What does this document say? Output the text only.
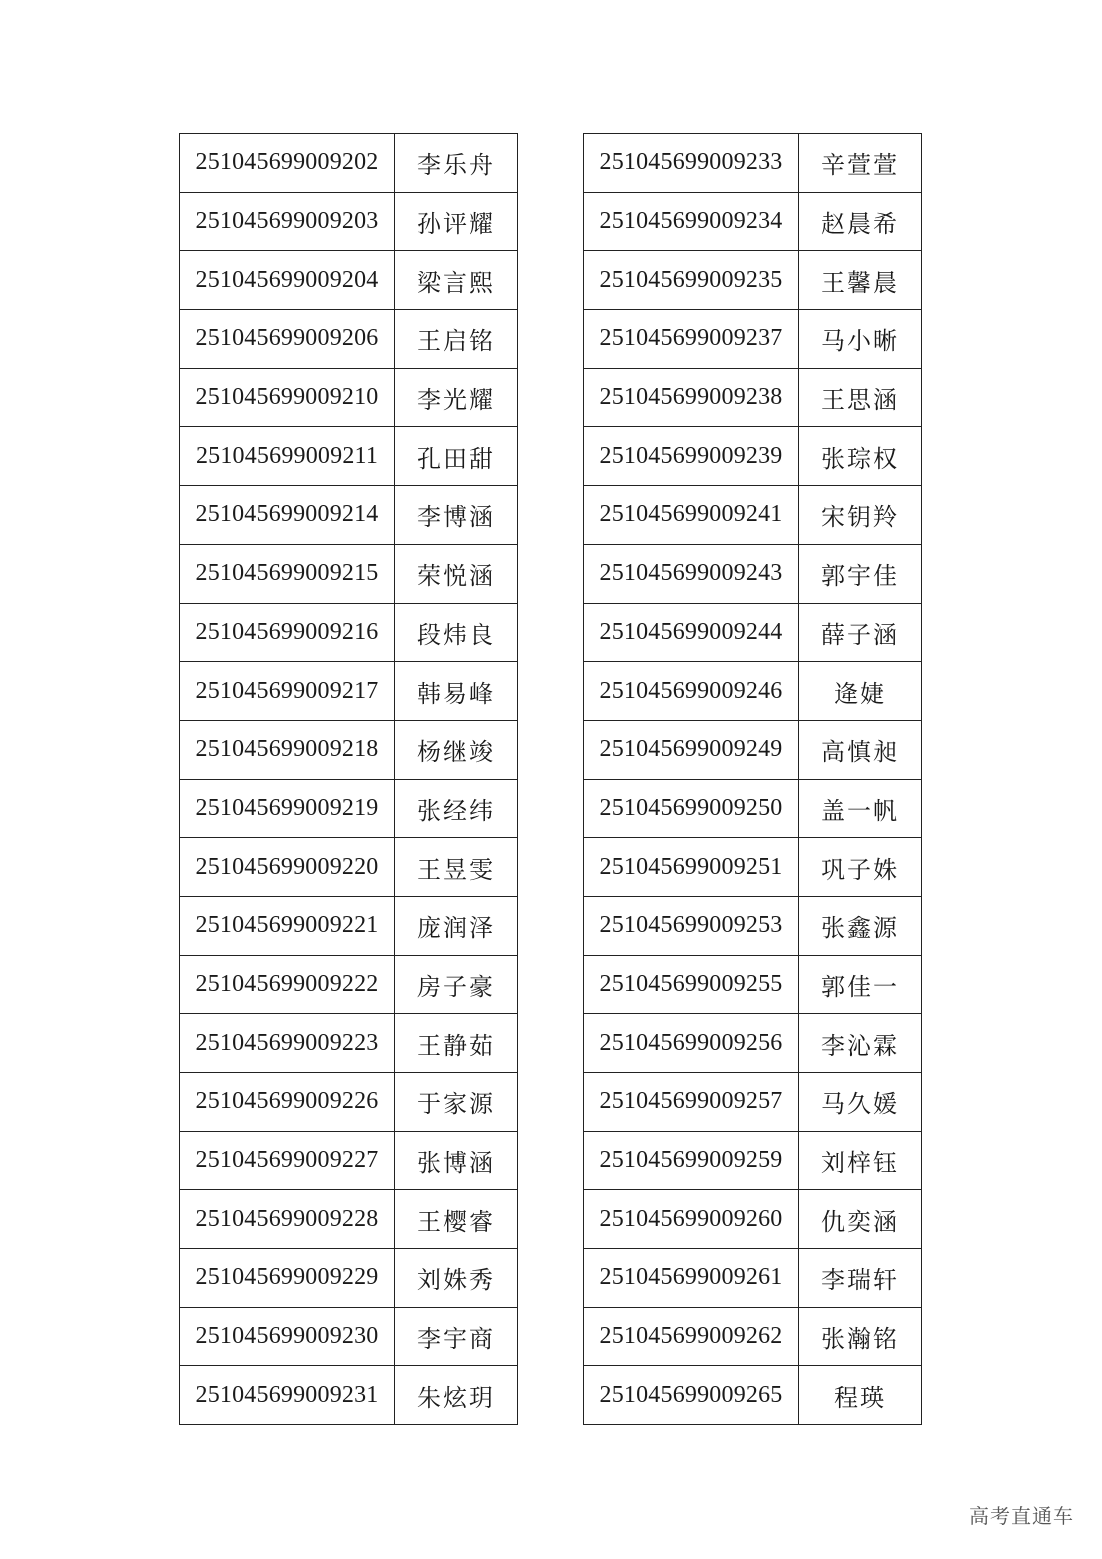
251045699009202	李乐舟
251045699009203	孙评耀
251045699009204	梁言熙
251045699009206	王启铭
251045699009210	李光耀
251045699009211	孔田甜
251045699009214	李博涵
251045699009215	荣悦涵
251045699009216	段炜良
251045699009217	韩易峰
251045699009218	杨继竣
251045699009219	张经纬
251045699009220	王昱雯
251045699009221	庞润泽
251045699009222	房子豪
251045699009223	王静茹
251045699009226	于家源
251045699009227	张博涵
251045699009228	王樱睿
251045699009229	刘姝秀
251045699009230	李宇商
251045699009231	朱炫玥
251045699009233	辛萱萱
251045699009234	赵晨希
251045699009235	王馨晨
251045699009237	马小晰
251045699009238	王思涵
251045699009239	张琮权
251045699009241	宋钥羚
251045699009243	郭宇佳
251045699009244	薛子涵
251045699009246	逄婕
251045699009249	高慎昶
251045699009250	盖一帆
251045699009251	巩子姝
251045699009253	张鑫源
251045699009255	郭佳一
251045699009256	李沁霖
251045699009257	马久媛
251045699009259	刘梓钰
251045699009260	仇奕涵
251045699009261	李瑞轩
251045699009262	张瀚铭
251045699009265	程瑛
高考直通车
